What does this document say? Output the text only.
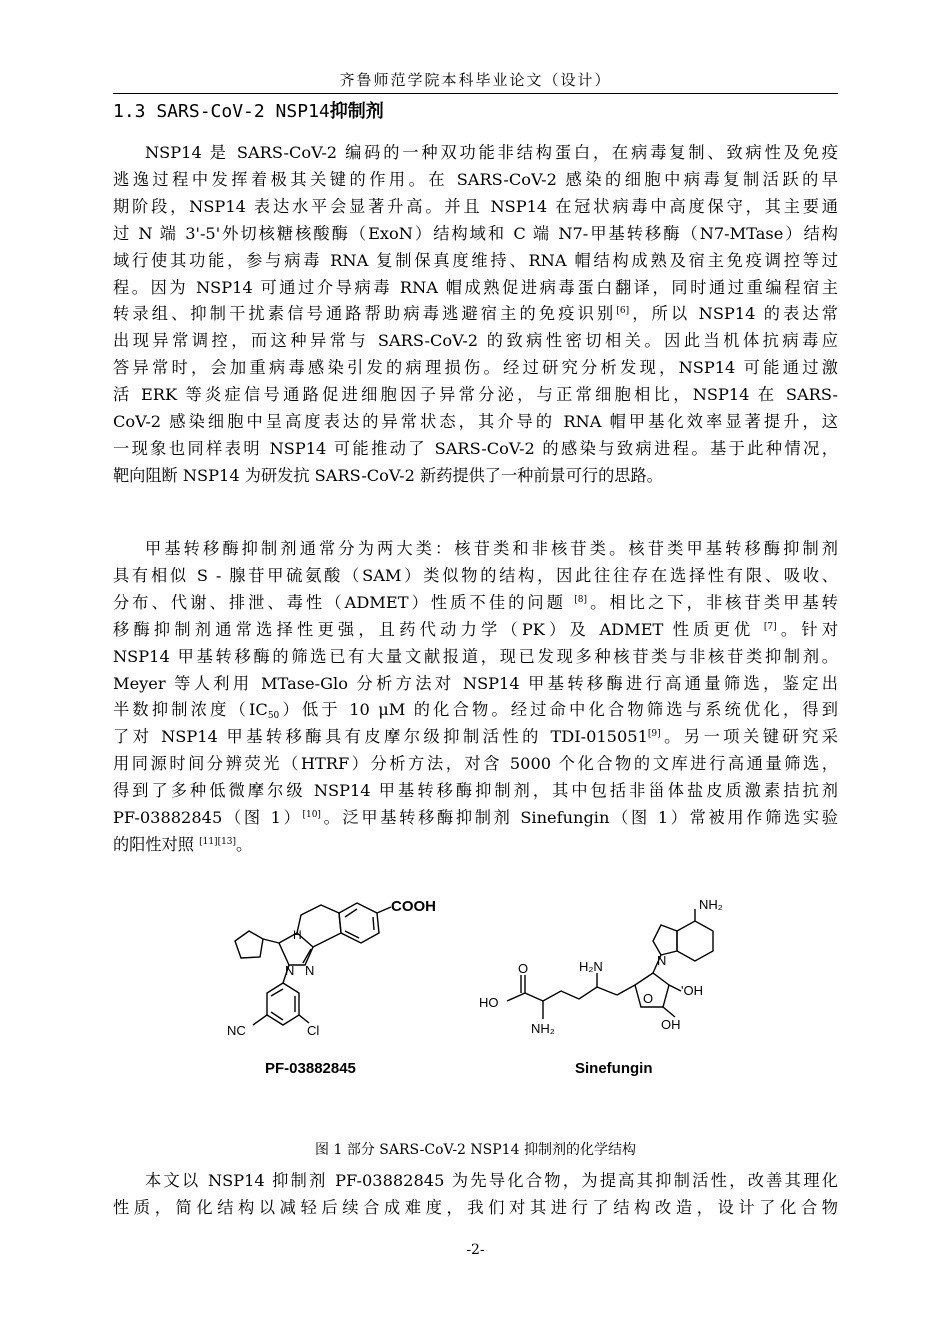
齐鲁师范学院本科毕业论文（设计）
1.3 SARS-CoV-2 NSP14抑制剂
NSP14 是 SARS-CoV-2 编码的一种双功能非结构蛋白，在病毒复制、致病性及免疫
逃逸过程中发挥着极其关键的作用。在 SARS-CoV-2 感染的细胞中病毒复制活跃的早
期阶段，NSP14 表达水平会显著升高。并且 NSP14 在冠状病毒中高度保守，其主要通
过 N 端 3'-5'外切核糖核酸酶（ExoN）结构域和 C 端 N7-甲基转移酶（N7-MTase）结构
域行使其功能，参与病毒 RNA 复制保真度维持、RNA 帽结构成熟及宿主免疫调控等过
程。因为 NSP14 可通过介导病毒 RNA 帽成熟促进病毒蛋白翻译，同时通过重编程宿主
转录组、抑制干扰素信号通路帮助病毒逃避宿主的免疫识别[6]，所以 NSP14 的表达常
出现异常调控，而这种异常与 SARS-CoV-2 的致病性密切相关。因此当机体抗病毒应
答异常时，会加重病毒感染引发的病理损伤。经过研究分析发现，NSP14 可能通过激
活 ERK 等炎症信号通路促进细胞因子异常分泌，与正常细胞相比，NSP14 在 SARS-
CoV-2 感染细胞中呈高度表达的异常状态，其介导的 RNA 帽甲基化效率显著提升，这
一现象也同样表明 NSP14 可能推动了 SARS-CoV-2 的感染与致病进程。基于此种情况，
靶向阻断 NSP14 为研发抗 SARS-CoV-2 新药提供了一种前景可行的思路。
甲基转移酶抑制剂通常分为两大类：核苷类和非核苷类。核苷类甲基转移酶抑制剂
具有相似 S - 腺苷甲硫氨酸（SAM）类似物的结构，因此往往存在选择性有限、吸收、
分布、代谢、排泄、毒性（ADMET）性质不佳的问题 [8]。相比之下，非核苷类甲基转
移酶抑制剂通常选择性更强，且药代动力学（PK）及 ADMET 性质更优 [7]。针对
NSP14 甲基转移酶的筛选已有大量文献报道，现已发现多种核苷类与非核苷类抑制剂。
Meyer 等人利用 MTase-Glo 分析方法对 NSP14 甲基转移酶进行高通量筛选，鉴定出
半数抑制浓度$(IC_{50})$低于 10 μM 的化合物。经过命中化合物筛选与系统优化，得到
了对 NSP14 甲基转移酶具有皮摩尔级抑制活性的 TDI-015051[9]。另一项关键研究采
用同源时间分辨荧光（HTRF）分析方法，对含 5000 个化合物的文库进行高通量筛选，
得到了多种低微摩尔级 NSP14 甲基转移酶抑制剂，其中包括非甾体盐皮质激素拮抗剂
PF-03882845（图 1）[10]。泛甲基转移酶抑制剂 Sinefungin（图 1）常被用作筛选实验
的阳性对照 [11][13]。
COOH
H
N N
NC	Cl
PF-03882845
NH₂
N
O
'OH
OH
H₂N
O
HO
NH₂
Sinefungin
图 1 部分 SARS-CoV-2 NSP14 抑制剂的化学结构
本文以 NSP14 抑制剂 PF-03882845 为先导化合物，为提高其抑制活性，改善其理化
性质，简化结构以减轻后续合成难度，我们对其进行了结构改造，设计了化合物
-2-
